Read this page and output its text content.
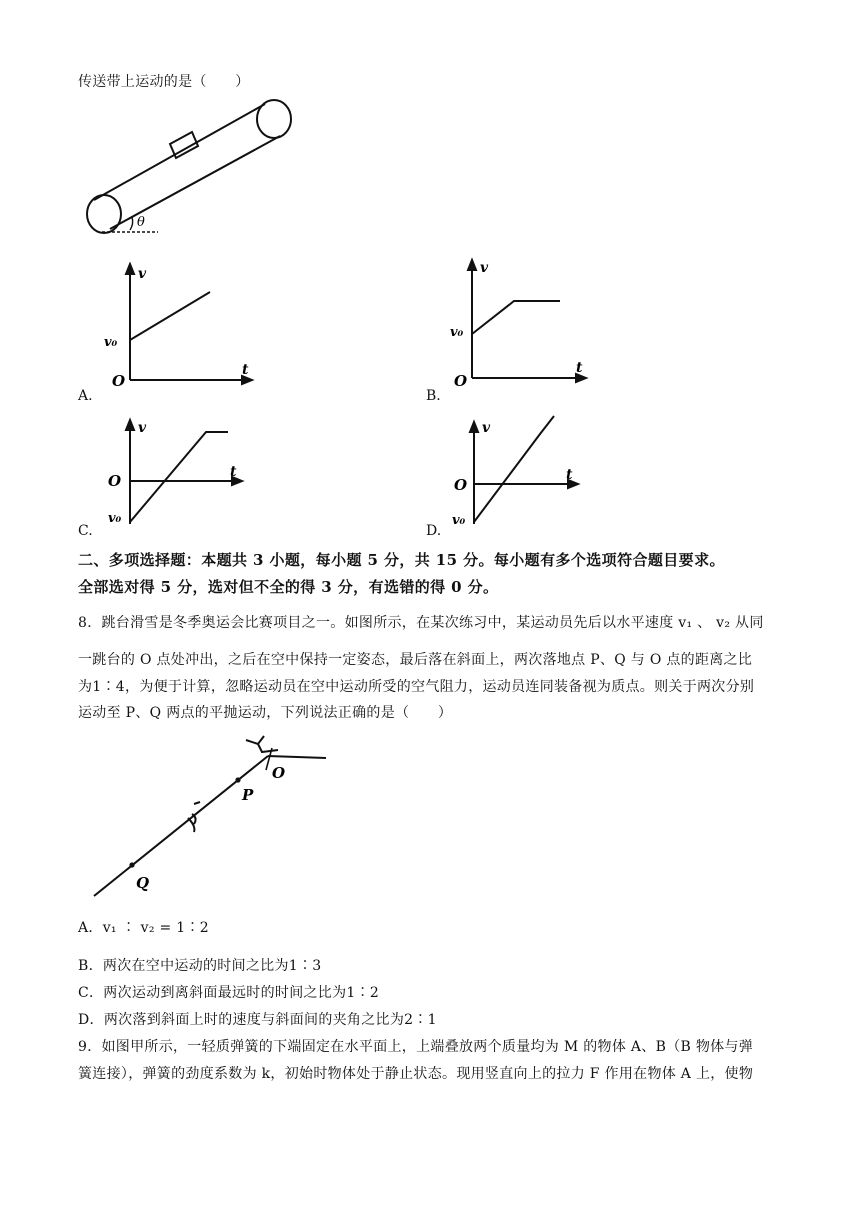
传送带上运动的是（　　）
θ
v
v₀
O
t
A.
v
v₀
O
t
B.
v
O
v₀
t
C.
v
O
v₀
t
D.
二、多项选择题：本题共 3 小题，每小题 5 分，共 15 分。每小题有多个选项符合题目要求。
全部选对得 5 分，选对但不全的得 3 分，有选错的得 0 分。
8．跳台滑雪是冬季奥运会比赛项目之一。如图所示，在某次练习中，某运动员先后以水平速度 v₁ 、 v₂ 从同
一跳台的 O 点处冲出，之后在空中保持一定姿态，最后落在斜面上，两次落地点 P、Q 与 O 点的距离之比
为1∶4，为便于计算，忽略运动员在空中运动所受的空气阻力，运动员连同装备视为质点。则关于两次分别
运动至 P、Q 两点的平抛运动，下列说法正确的是（　　）
O
P
Q
A．v₁ ∶ v₂ = 1∶2
B．两次在空中运动的时间之比为1∶3
C．两次运动到离斜面最远时的时间之比为1∶2
D．两次落到斜面上时的速度与斜面间的夹角之比为2∶1
9．如图甲所示，一轻质弹簧的下端固定在水平面上，上端叠放两个质量均为 M 的物体 A、B（B 物体与弹
簧连接），弹簧的劲度系数为 k，初始时物体处于静止状态。现用竖直向上的拉力 F 作用在物体 A 上，使物
